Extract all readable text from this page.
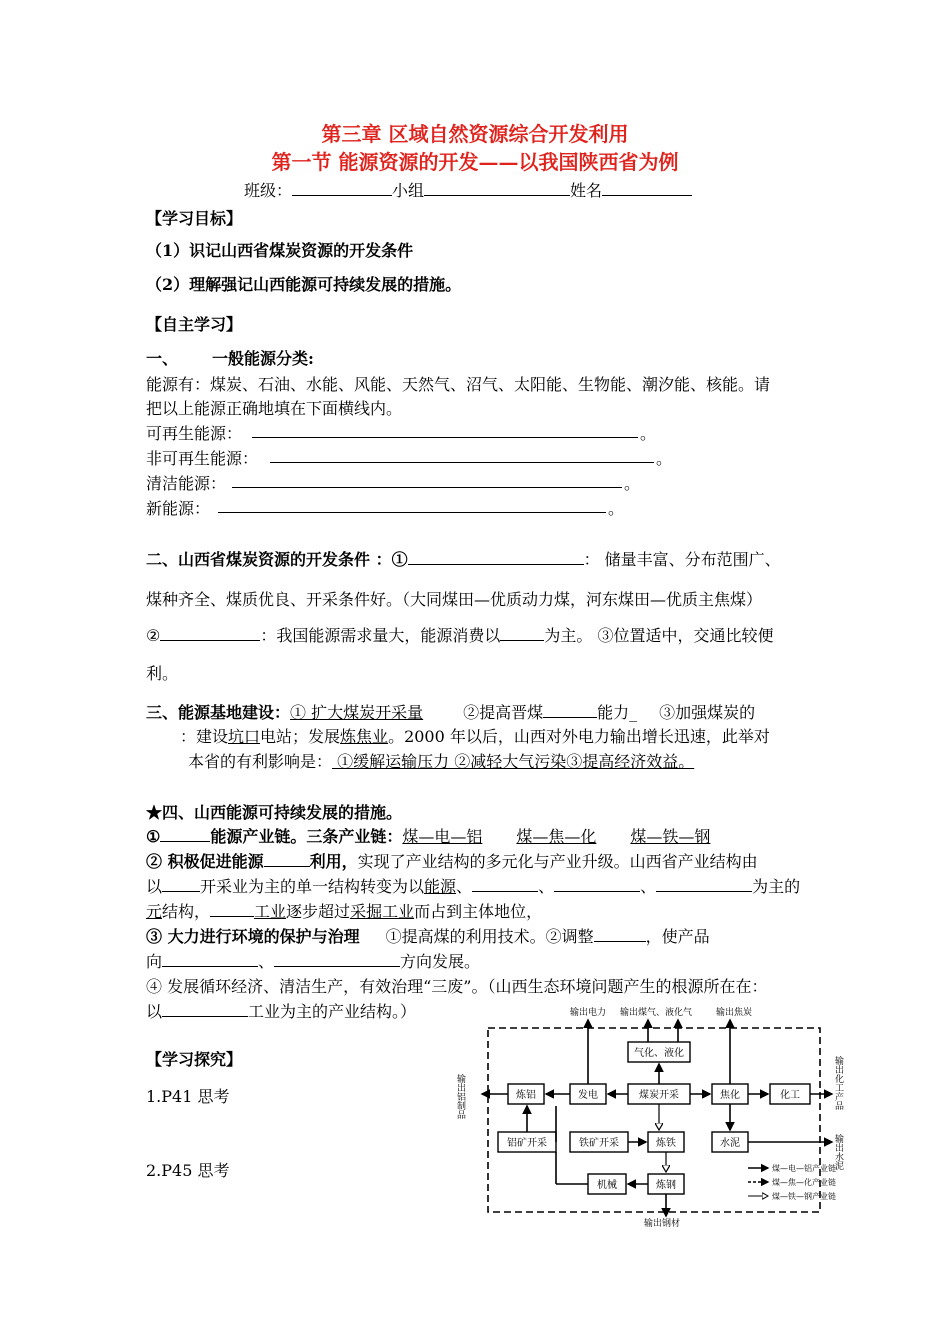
第三章 区域自然资源综合开发利用
第一节 能源资源的开发——以我国陕西省为例
班级：	小组	姓名
【学习目标】
（1）识记山西省煤炭资源的开发条件
（2）理解强记山西能源可持续发展的措施。
【自主学习】
一、 一般能源分类:
能源有：煤炭、石油、水能、风能、天然气、沼气、太阳能、生物能、潮汐能、核能。请
把以上能源正确地填在下面横线内。
可再生能源：	。
非可再生能源：	。
清洁能源：	。
新能源：	。
二、山西省煤炭资源的开发条件 ：①	： 储量丰富、分布范围广、
煤种齐全、煤质优良、开采条件好。（大同煤田—优质动力煤，河东煤田—优质主焦煤）
②	：我国能源需求量大，能源消费以	为主。 ③位置适中，交通比较便
利。
三、能源基地建设：① 扩大煤炭开采量	②提高晋煤	能力_ ③加强煤炭的
：建设坑口电站；发展炼焦业。2000 年以后，山西对外电力输出增长迅速，此举对
本省的有利影响是： ①缓解运输压力 ②减轻大气污染③提高经济效益。
★四、山西能源可持续发展的措施。
①	能源产业链。三条产业链：煤—电—铝 煤—焦—化 煤—铁—钢
② 积极促进能源	利用，实现了产业结构的多元化与产业升级。山西省产业结构由
以 开采业为主的单一结构转变为以能源、	、	、	为主的
元结构，	工业逐步超过采掘工业而占到主体地位，
③ 大力进行环境的保护与治理 ①提高煤的利用技术。②调整	，使产品
向	、	方向发展。
④ 发展循环经济、清洁生产，有效治理“三废”。（山西生态环境问题产生的根源所在在：
以	工业为主的产业结构。）
【学习探究】
1.P41 思考
2.P45 思考
输出电力 输出煤气、液化气	输出焦炭
输出铝制品	输出化工产品
输出水泥
输出钢材
气化、液化
炼铝	发电	煤炭开采	焦化	化工
铝矿开采	铁矿开采	炼铁	水泥
机械	炼钢
煤—电—铝产业链
煤—焦—化产业链
煤—铁—钢产业链
